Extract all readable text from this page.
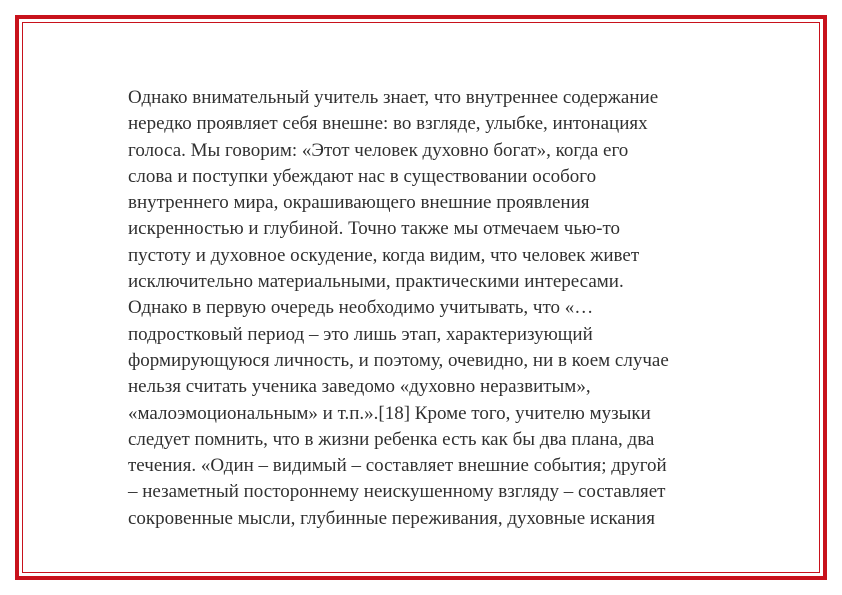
Однако внимательный учитель знает, что внутреннее содержание
нередко проявляет себя внешне: во взгляде, улыбке, интонациях
голоса. Мы говорим: «Этот человек духовно богат», когда его
слова и поступки убеждают нас в существовании особого
внутреннего мира, окрашивающего внешние проявления
искренностью и глубиной. Точно также мы отмечаем чью-то
пустоту и духовное оскудение, когда видим, что человек живет
исключительно материальными, практическими интересами.
Однако в первую очередь необходимо учитывать, что «…
подростковый период – это лишь этап, характеризующий
формирующуюся личность, и поэтому, очевидно, ни в коем случае
нельзя считать ученика заведомо «духовно неразвитым»,
«малоэмоциональным» и т.п.».[18] Кроме того, учителю музыки
следует помнить, что в жизни ребенка есть как бы два плана, два
течения. «Один – видимый – составляет внешние события; другой
– незаметный постороннему неискушенному взгляду – составляет
сокровенные мысли, глубинные переживания, духовные искания
